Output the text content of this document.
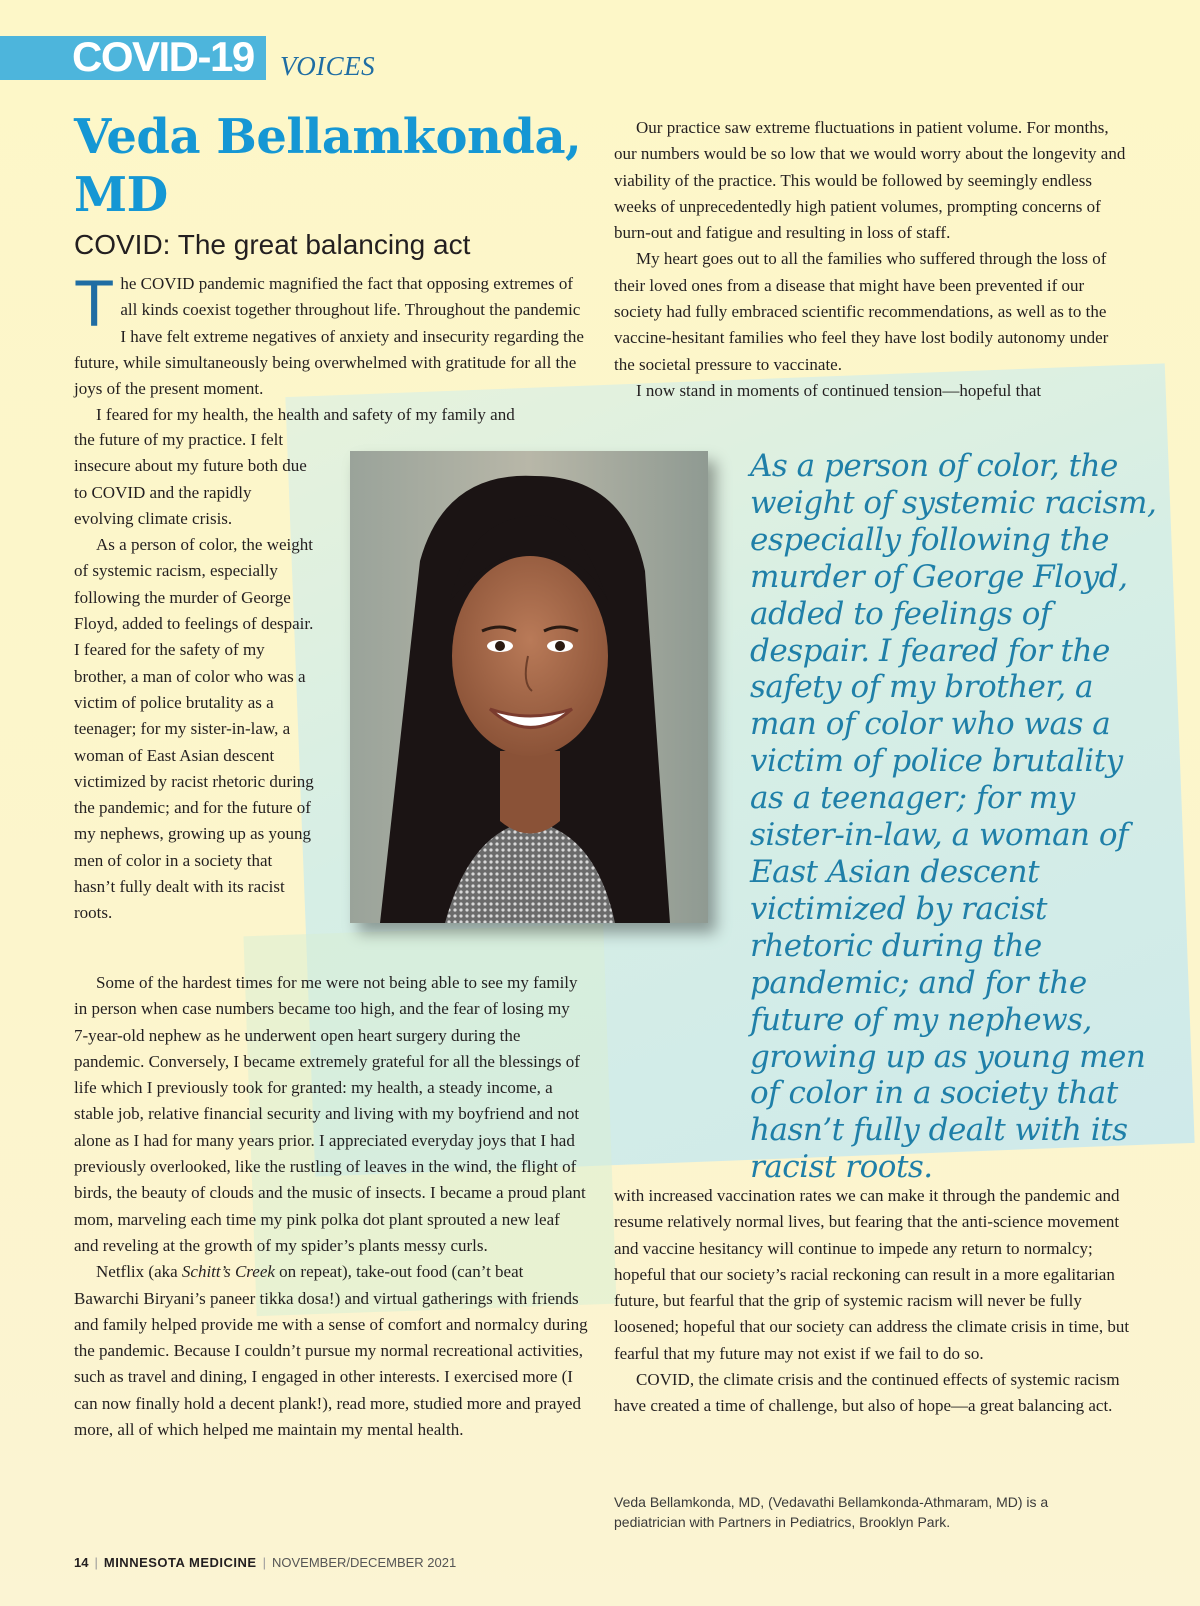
COVID-19 VOICES
Veda Bellamkonda, MD
COVID: The great balancing act

The COVID pandemic magnified the fact that opposing extremes of all kinds coexist together throughout life. Throughout the pandemic I have felt extreme negatives of anxiety and insecurity regarding the future, while simultaneously being overwhelmed with gratitude for all the joys of the present moment.

I feared for my health, the health and safety of my family and

the future of my practice. I felt insecure about my future both due to COVID and the rapidly evolving climate crisis.

As a person of color, the weight of systemic racism, especially following the murder of George Floyd, added to feelings of despair. I feared for the safety of my brother, a man of color who was a victim of police brutality as a teenager; for my sister-in-law, a woman of East Asian descent victimized by racist rhetoric during the pandemic; and for the future of my nephews, growing up as young men of color in a society that hasn’t fully dealt with its racist roots.

As a person of color, the weight of systemic racism, especially following the murder of George Floyd, added to feelings of despair. I feared for the safety of my brother, a man of color who was a victim of police brutality as a teenager; for my sister-in-law, a woman of East Asian descent victimized by racist rhetoric during the pandemic; and for the future of my nephews, growing up as young men of color in a society that hasn’t fully dealt with its racist roots.

Some of the hardest times for me were not being able to see my family in person when case numbers became too high, and the fear of losing my 7-year-old nephew as he underwent open heart surgery during the pandemic. Conversely, I became extremely grateful for all the blessings of life which I previously took for granted: my health, a steady income, a stable job, relative financial security and living with my boyfriend and not alone as I had for many years prior. I appreciated everyday joys that I had previously overlooked, like the rustling of leaves in the wind, the flight of birds, the beauty of clouds and the music of insects. I became a proud plant mom, marveling each time my pink polka dot plant sprouted a new leaf and reveling at the growth of my spider’s plants messy curls.

Netflix (aka Schitt’s Creek on repeat), take-out food (can’t beat Bawarchi Biryani’s paneer tikka dosa!) and virtual gatherings with friends and family helped provide me with a sense of comfort and normalcy during the pandemic. Because I couldn’t pursue my normal recreational activities, such as travel and dining, I engaged in other interests. I exercised more (I can now finally hold a decent plank!), read more, studied more and prayed more, all of which helped me maintain my mental health.

Our practice saw extreme fluctuations in patient volume. For months, our numbers would be so low that we would worry about the longevity and viability of the practice. This would be followed by seemingly endless weeks of unprecedentedly high patient volumes, prompting concerns of burn-out and fatigue and resulting in loss of staff.

My heart goes out to all the families who suffered through the loss of their loved ones from a disease that might have been prevented if our society had fully embraced scientific recommendations, as well as to the vaccine-hesitant families who feel they have lost bodily autonomy under the societal pressure to vaccinate.

I now stand in moments of continued tension—hopeful that

with increased vaccination rates we can make it through the pandemic and resume relatively normal lives, but fearing that the anti-science movement and vaccine hesitancy will continue to impede any return to normalcy; hopeful that our society’s racial reckoning can result in a more egalitarian future, but fearful that the grip of systemic racism will never be fully loosened; hopeful that our society can address the climate crisis in time, but fearful that my future may not exist if we fail to do so.

COVID, the climate crisis and the continued effects of systemic racism have created a time of challenge, but also of hope—a great balancing act.

Veda Bellamkonda, MD, (Vedavathi Bellamkonda-Athmaram, MD) is a pediatrician with Partners in Pediatrics, Brooklyn Park.
14 | MINNESOTA MEDICINE | NOVEMBER/DECEMBER 2021
